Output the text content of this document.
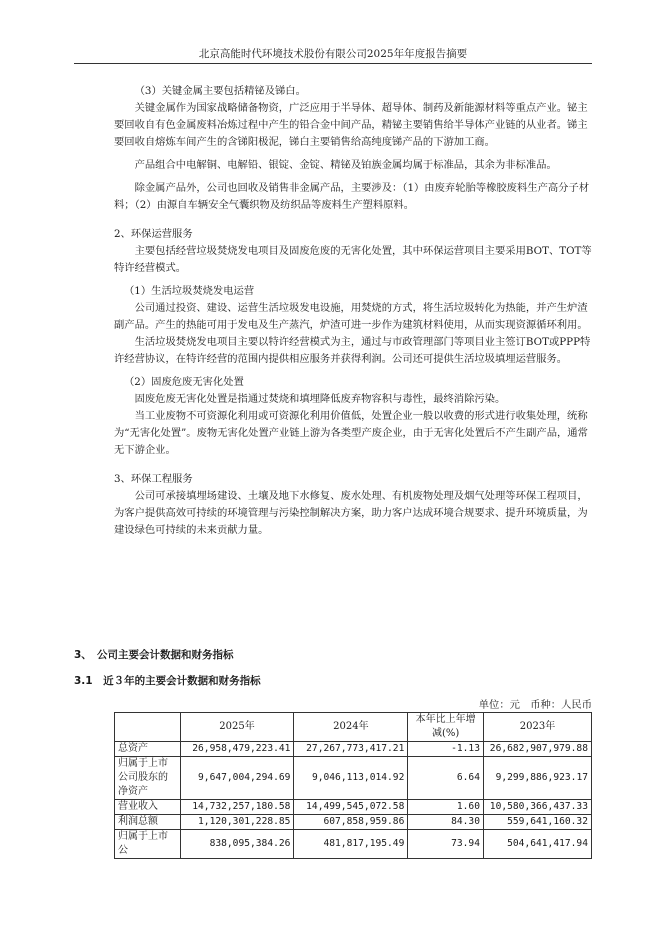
北京高能时代环境技术股份有限公司2025年年度报告摘要

（3）关键金属主要包括精铋及锑白。

关键金属作为国家战略储备物资，广泛应用于半导体、超导体、制药及新能源材料等重点产业。铋主要回收自有色金属废料冶炼过程中产生的铅合金中间产品，精铋主要销售给半导体产业链的从业者。锑主要回收自熔炼车间产生的含锑阳极泥，锑白主要销售给高纯度锑产品的下游加工商。

产品组合中电解铜、电解铅、银锭、金锭、精铋及铂族金属均属于标准品，其余为非标准品。

除金属产品外，公司也回收及销售非金属产品，主要涉及：（1）由废弃轮胎等橡胶废料生产高分子材料；（2）由源自车辆安全气囊织物及纺织品等废料生产塑料原料。

2、环保运营服务

主要包括经营垃圾焚烧发电项目及固废危废的无害化处置，其中环保运营项目主要采用BOT、TOT等特许经营模式。

（1）生活垃圾焚烧发电运营

公司通过投资、建设、运营生活垃圾发电设施，用焚烧的方式，将生活垃圾转化为热能，并产生炉渣副产品。产生的热能可用于发电及生产蒸汽，炉渣可进一步作为建筑材料使用，从而实现资源循环利用。

生活垃圾焚烧发电项目主要以特许经营模式为主，通过与市政管理部门等项目业主签订BOT或PPP特许经营协议，在特许经营的范围内提供相应服务并获得利润。公司还可提供生活垃圾填埋运营服务。

（2）固废危废无害化处置

固废危废无害化处置是指通过焚烧和填埋降低废弃物容积与毒性，最终消除污染。

当工业废物不可资源化利用或可资源化利用价值低，处置企业一般以收费的形式进行收集处理，统称为“无害化处置”。废物无害化处置产业链上游为各类型产废企业，由于无害化处置后不产生副产品，通常无下游企业。

3、环保工程服务

公司可承接填埋场建设、土壤及地下水修复、废水处理、有机废物处理及烟气处理等环保工程项目，为客户提供高效可持续的环境管理与污染控制解决方案，助力客户达成环境合规要求、提升环境质量，为建设绿色可持续的未来贡献力量。

3、　公司主要会计数据和财务指标
3.1　近３年的主要会计数据和财务指标
单位：元　币种：人民币
	2025年	2024年	本年比上年增减(%)	2023年
总资产	26,958,479,223.41	27,267,773,417.21	-1.13	26,682,907,979.88
归属于上市公司股东的净资产	9,647,004,294.69	9,046,113,014.92	6.64	9,299,886,923.17
营业收入	14,732,257,180.58	14,499,545,072.58	1.60	10,580,366,437.33
利润总额	1,120,301,228.85	607,858,959.86	84.30	559,641,160.32
归属于上市公	838,095,384.26	481,817,195.49	73.94	504,641,417.94
